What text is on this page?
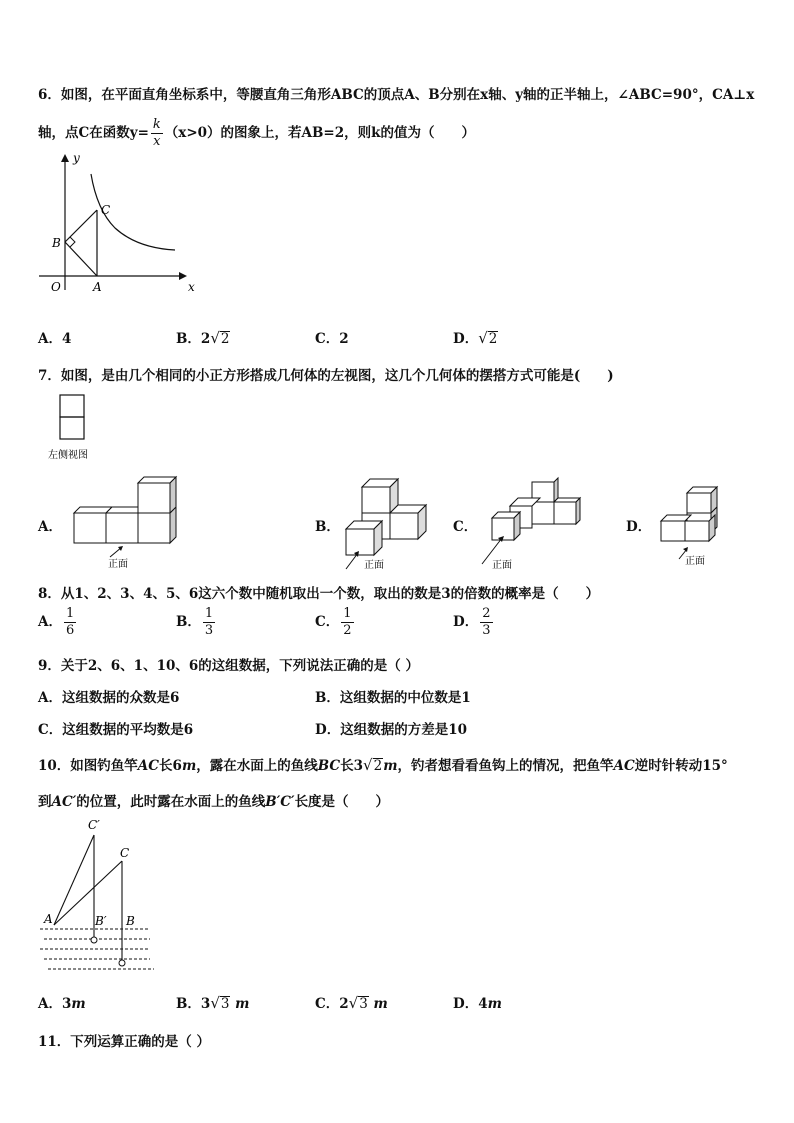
6．如图，在平面直角坐标系中，等腰直角三角形ABC的顶点A、B分别在x轴、y轴的正半轴上，∠ABC=90°，CA⊥x
轴，点C在函数$y= \frac{k}{x} (x>0)$的图象上，若AB=2，则k的值为（　　）
y
x
O	A
B
C
A．4	B．2 √ 2	C．2	D． √ 2
7．如图，是由几个相同的小正方形搭成几何体的左视图，这几个几何体的摆搭方式可能是(　　)
左侧视图
A．
正面
B．
正面
C．
正面
D．
正面
8．从1、2、3、4、5、6这六个数中随机取出一个数，取出的数是3的倍数的概率是（　　）
A． $\frac{1}{6}$	B． $\frac{1}{3}$	C． $\frac{1}{2}$	D． $\frac{2}{3}$
9．关于2、6、1、10、6的这组数据，下列说法正确的是（ ）
A．这组数据的众数是6	B．这组数据的中位数是1
C．这组数据的平均数是6	D．这组数据的方差是10
10．如图钓鱼竿AC长6m，露在水面上的鱼线BC长3 √ 2 m，钓者想看看鱼钩上的情况，把鱼竿AC逆时针转动15°
到AC′的位置，此时露在水面上的鱼线B′C′长度是（　　）
C′
C
A	B′ B
A．3m	B．3 √ 3 m	C．2 √ 3 m	D．4m
11．下列运算正确的是（ ）
